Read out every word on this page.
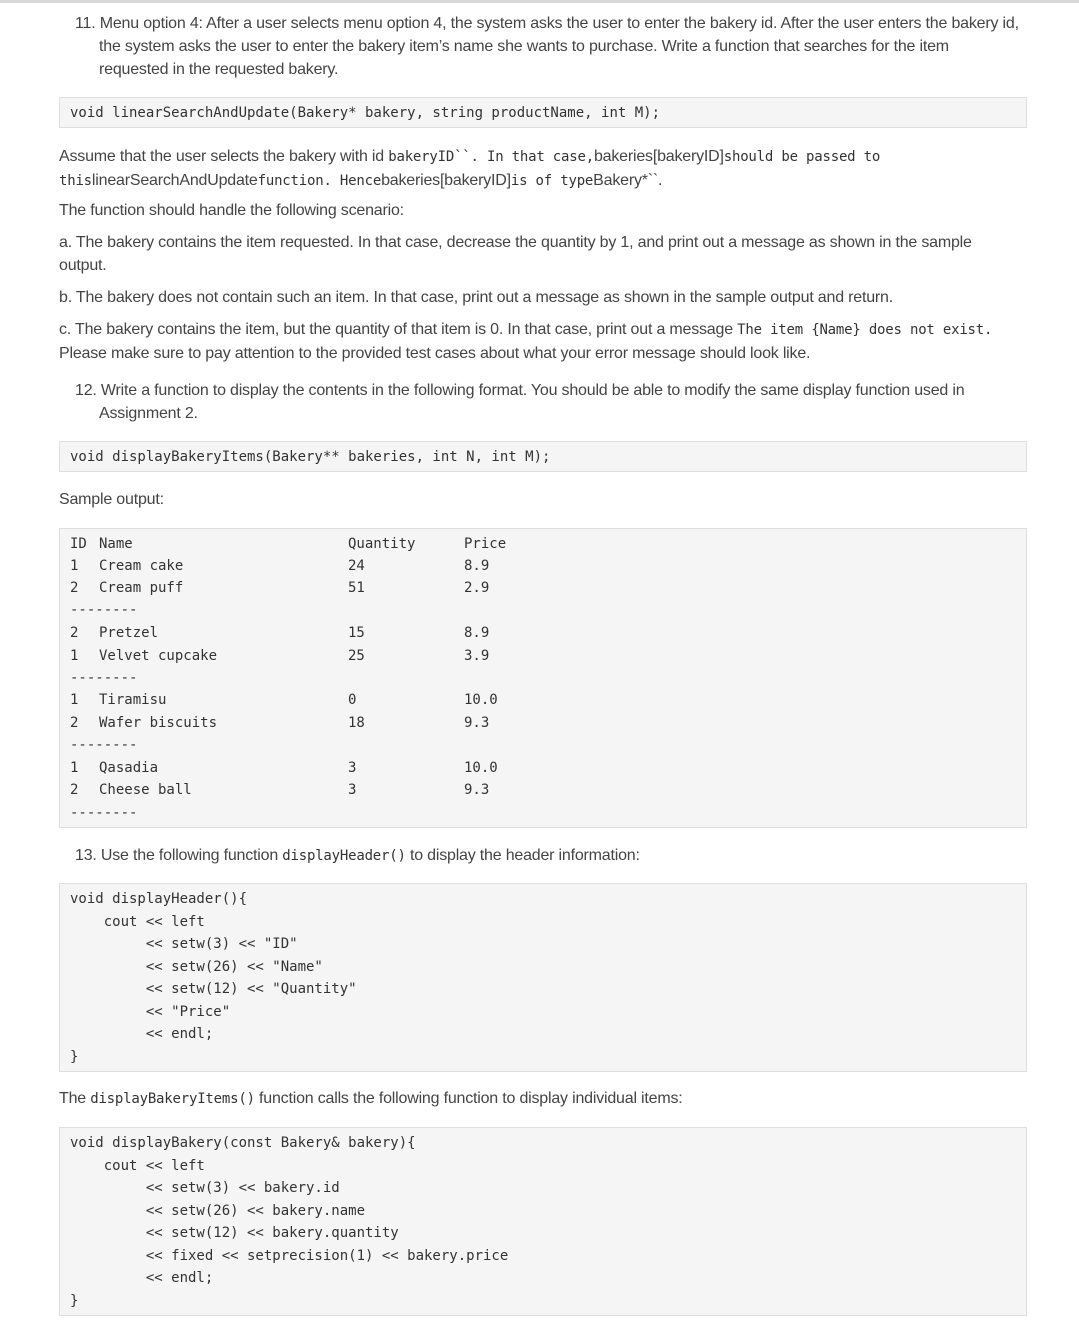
11. Menu option 4: After a user selects menu option 4, the system asks the user to enter the bakery id. After the user enters the bakery id,
the system asks the user to enter the bakery item’s name she wants to purchase. Write a function that searches for the item
requested in the requested bakery.
void linearSearchAndUpdate(Bakery* bakery, string productName, int M);
Assume that the user selects the bakery with id bakeryID``. In that case,bakeries[bakeryID]should be passed to
thislinearSearchAndUpdatefunction. Hencebakeries[bakeryID]is of typeBakery*``.

The function should handle the following scenario:

a. The bakery contains the item requested. In that case, decrease the quantity by 1, and print out a message as shown in the sample output.

b. The bakery does not contain such an item. In that case, print out a message as shown in the sample output and return.

c. The bakery contains the item, but the quantity of that item is 0. In that case, print out a message The item {Name} does not exist.
Please make sure to pay attention to the provided test cases about what your error message should look like.
12. Write a function to display the contents in the following format. You should be able to modify the same display function used in
Assignment 2.
void displayBakeryItems(Bakery** bakeries, int N, int M);

Sample output:

ID Name	Quantity	Price
1 Cream cake	24	8.9
2 Cream puff	51	2.9
--------
2 Pretzel	15	8.9
1 Velvet cupcake	25	3.9
--------
1 Tiramisu	0	10.0
2 Wafer biscuits	18	9.3
--------
1 Qasadia	3	10.0
2 Cheese ball	3	9.3
--------
13. Use the following function displayHeader() to display the header information:
void displayHeader(){
cout << left
<< setw(3) << "ID"
<< setw(26) << "Name"
<< setw(12) << "Quantity"
<< "Price"
<< endl;
}
The displayBakeryItems() function calls the following function to display individual items:
void displayBakery(const Bakery& bakery){
cout << left
<< setw(3) << bakery.id
<< setw(26) << bakery.name
<< setw(12) << bakery.quantity
<< fixed << setprecision(1) << bakery.price
<< endl;
}
